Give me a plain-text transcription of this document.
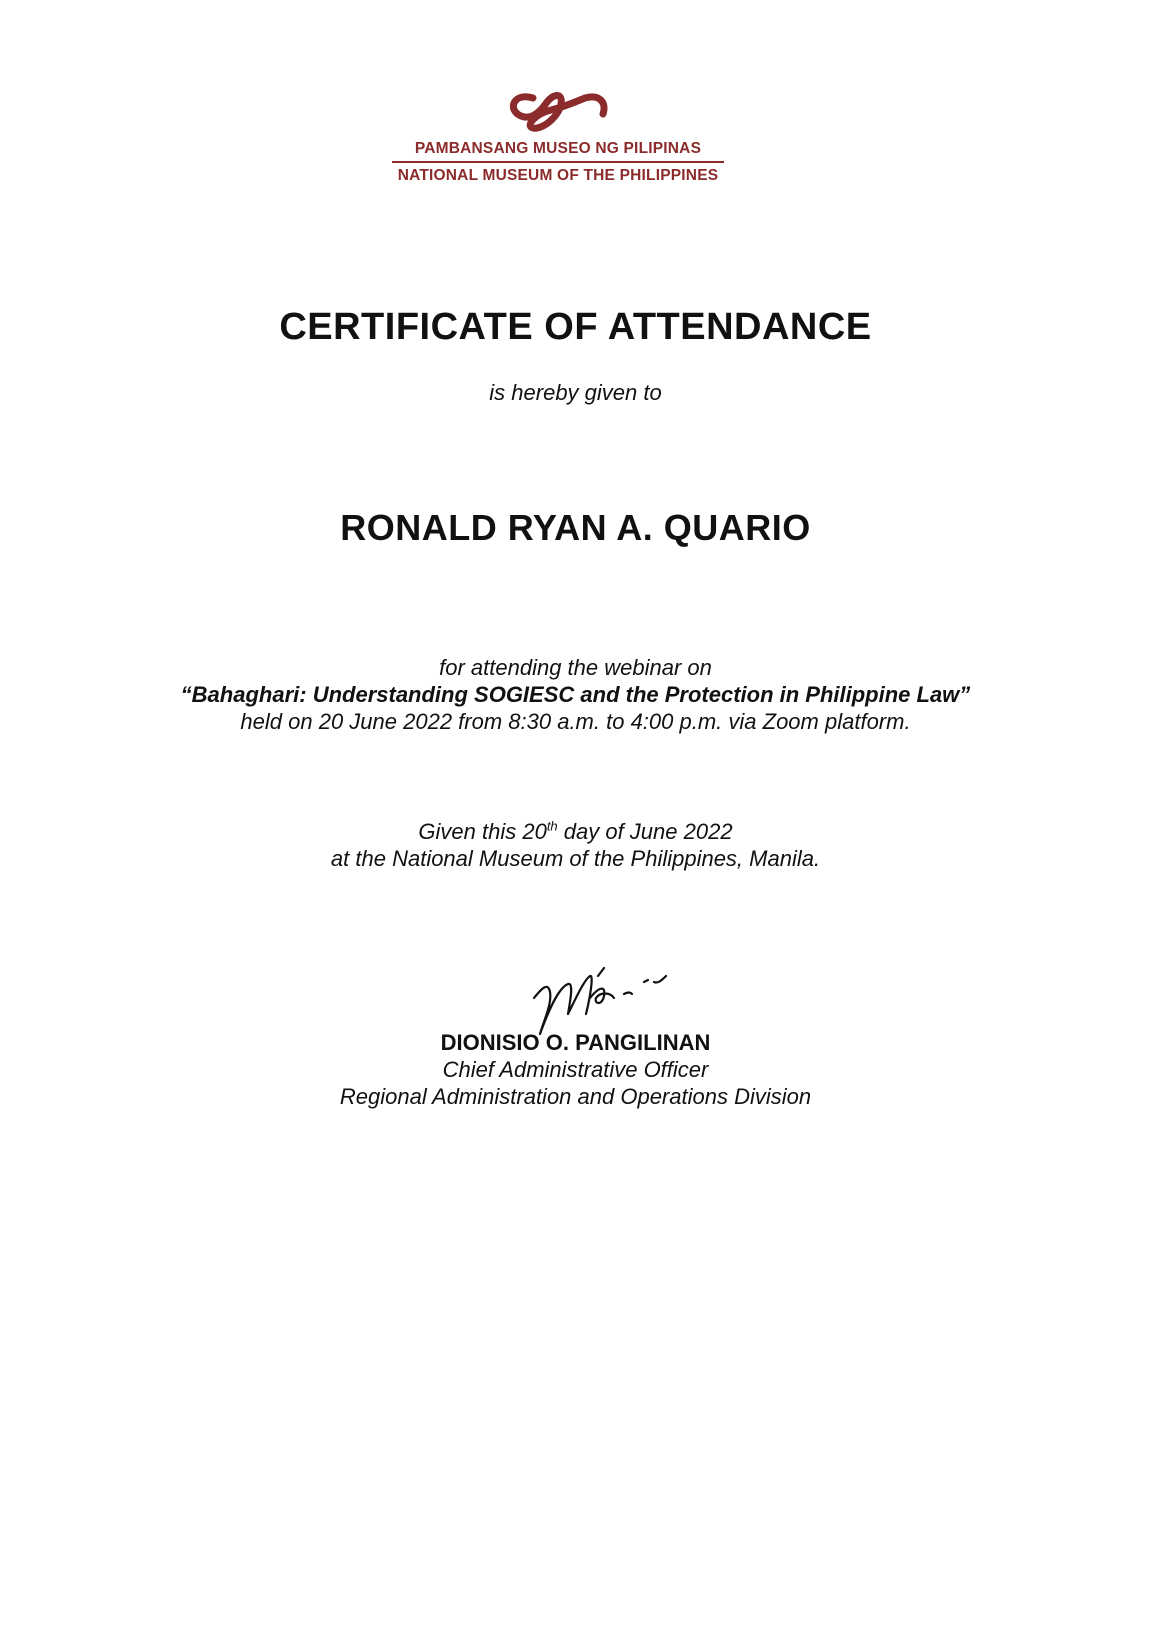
PAMBANSANG MUSEO NG PILIPINAS
NATIONAL MUSEUM OF THE PHILIPPINES
CERTIFICATE OF ATTENDANCE
is hereby given to
RONALD RYAN A. QUARIO
for attending the webinar on
“Bahaghari: Understanding SOGIESC and the Protection in Philippine Law”
held on 20 June 2022 from 8:30 a.m. to 4:00 p.m. via Zoom platform.
Given this 20th day of June 2022
at the National Museum of the Philippines, Manila.
DIONISIO O. PANGILINAN
Chief Administrative Officer
Regional Administration and Operations Division
